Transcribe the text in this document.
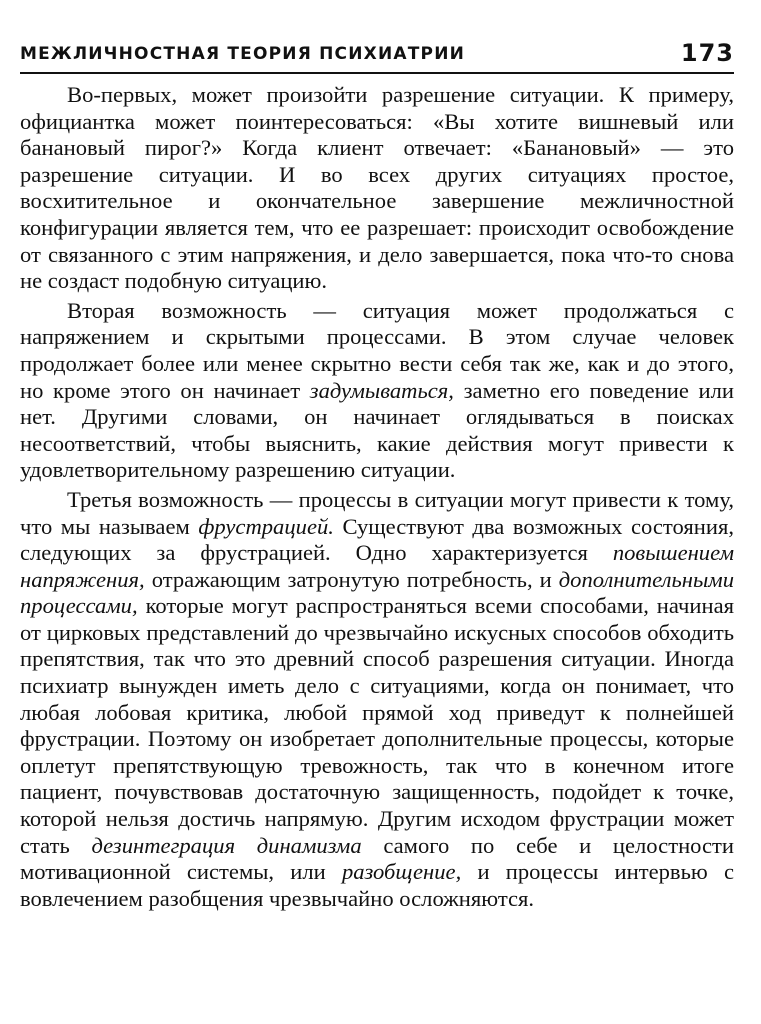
МЕЖЛИЧНОСТНАЯ ТЕОРИЯ ПСИХИАТРИИ	173

Во-первых, может произойти разрешение ситуации. К примеру, официантка может поинтересоваться: «Вы хотите вишневый или банановый пирог?» Когда клиент отвечает: «Банановый» — это разрешение ситуации. И во всех других ситуациях простое, восхитительное и окончательное завершение межличностной конфигурации является тем, что ее разрешает: происходит освобождение от связанного с этим напряжения, и дело завершается, пока что-то снова не создаст подобную ситуацию.

Вторая возможность — ситуация может продолжаться с напряжением и скрытыми процессами. В этом случае человек продолжает более или менее скрытно вести себя так же, как и до этого, но кроме этого он начинает задумываться, заметно его поведение или нет. Другими словами, он начинает оглядываться в поисках несоответствий, чтобы выяснить, какие действия могут привести к удовлетворительному разрешению ситуации.

Третья возможность — процессы в ситуации могут привести к тому, что мы называем фрустрацией. Существуют два возможных состояния, следующих за фрустрацией. Одно характеризуется повышением напряжения, отражающим затронутую потребность, и дополнительными процессами, которые могут распространяться всеми способами, начиная от цирковых представлений до чрезвычайно искусных способов обходить препятствия, так что это древний способ разрешения ситуации. Иногда психиатр вынужден иметь дело с ситуациями, когда он понимает, что любая лобовая критика, любой прямой ход приведут к полнейшей фрустрации. Поэтому он изобретает дополнительные процессы, которые оплетут препятствующую тревожность, так что в конечном итоге пациент, почувствовав достаточную защищенность, подойдет к точке, которой нельзя достичь напрямую. Другим исходом фрустрации может стать дезинтеграция динамизма самого по себе и целостности мотивационной системы, или разобщение, и процессы интервью с вовлечением разобщения чрезвычайно осложняются.
